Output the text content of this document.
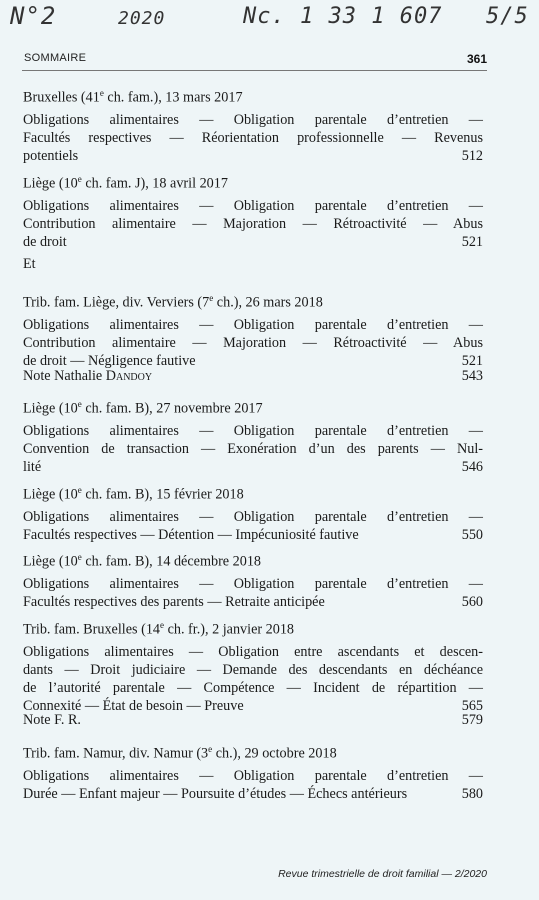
N°2	2020	Nc. 1 33 1 607 5/5
SOMMAIRE	361
Bruxelles (41e ch. fam.), 13 mars 2017
Obligations alimentaires — Obligation parentale d’entretien —
Facultés respectives — Réorientation professionnelle — Revenus
potentiels	512
Liège (10e ch. fam. J), 18 avril 2017
Obligations alimentaires — Obligation parentale d’entretien —
Contribution alimentaire — Majoration — Rétroactivité — Abus
de droit	521
Et
Trib. fam. Liège, div. Verviers (7e ch.), 26 mars 2018
Obligations alimentaires — Obligation parentale d’entretien —
Contribution alimentaire — Majoration — Rétroactivité — Abus
de droit — Négligence fautive	521
Note Nathalie Dandoy	543
Liège (10e ch. fam. B), 27 novembre 2017
Obligations alimentaires — Obligation parentale d’entretien —
Convention de transaction — Exonération d’un des parents — Nul-
lité	546
Liège (10e ch. fam. B), 15 février 2018
Obligations alimentaires — Obligation parentale d’entretien —
Facultés respectives — Détention — Impécuniosité fautive	550
Liège (10e ch. fam. B), 14 décembre 2018
Obligations alimentaires — Obligation parentale d’entretien —
Facultés respectives des parents — Retraite anticipée	560
Trib. fam. Bruxelles (14e ch. fr.), 2 janvier 2018
Obligations alimentaires — Obligation entre ascendants et descen-
dants — Droit judiciaire — Demande des descendants en déchéance
de l’autorité parentale — Compétence — Incident de répartition —
Connexité — État de besoin — Preuve	565
Note F. R.	579
Trib. fam. Namur, div. Namur (3e ch.), 29 octobre 2018
Obligations alimentaires — Obligation parentale d’entretien —
Durée — Enfant majeur — Poursuite d’études — Échecs antérieurs	580
Revue trimestrielle de droit familial — 2/2020
